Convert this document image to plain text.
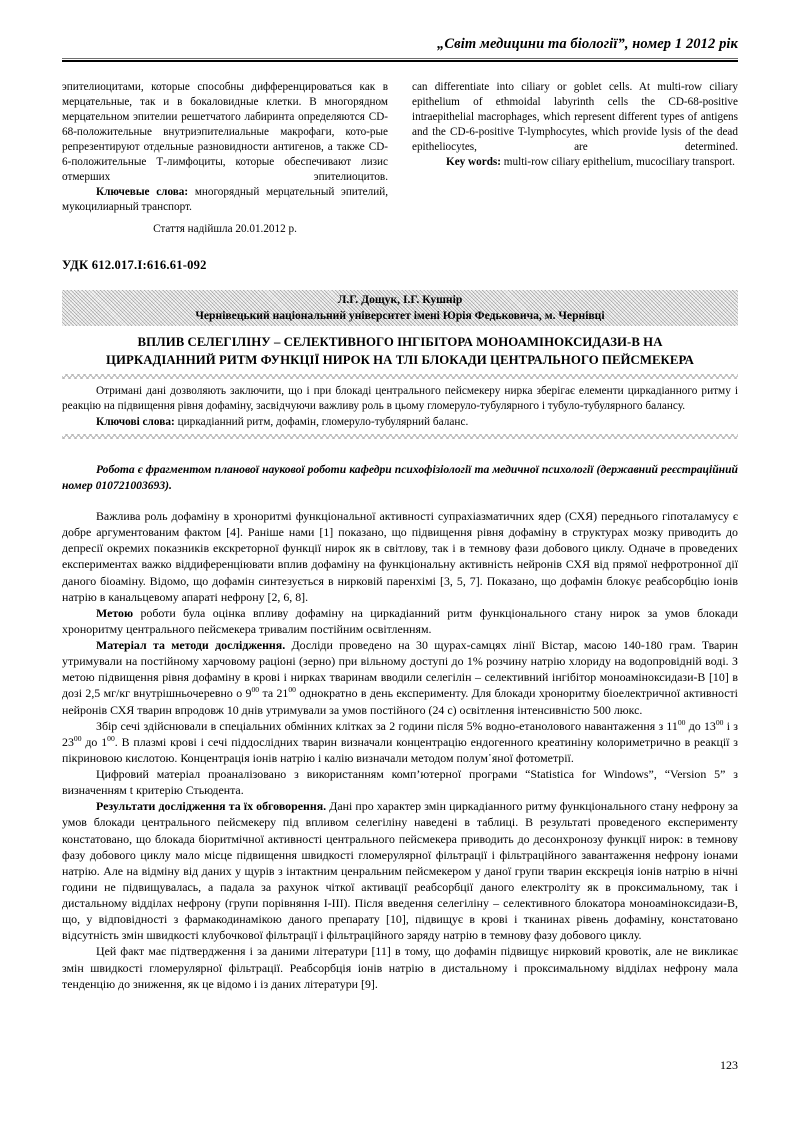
„Світ медицини та біології”, номер 1 2012 рік

эпителиоцитами, которые способны дифференцироваться как в мерцательные, так и в бокаловидные клетки. В многорядном мерцательном эпителии решетчатого лабиринта определяются CD-68-положительные внутриэпителиальные макрофаги, кото-рые репрезентируют отдельные разновидности антигенов, а также CD-6-положительные Т-лимфоциты, которые обеспечивают лизис отмерших эпителиоцитов.

Ключевые слова: многорядный мерцательный эпителий, мукоцилиарный транспорт.

Стаття надійшла 20.01.2012 р.

can differentiate into ciliary or goblet cells. At multi-row ciliary epithelium of ethmoidal labyrinth cells the CD-68-positive intraepithelial macrophages, which represent different types of antigens and the CD-6-positive T-lymphocytes, which provide lysis of the dead epitheliocytes, are determined.

Key words: multi-row ciliary epithelium, mucociliary transport.

УДК 612.017.I:616.61-092
Л.Г. Дощук, І.Г. Кушнір
Чернівецький національний університет імені Юрія Федьковича, м. Чернівці
ВПЛИВ СЕЛЕГІЛІНУ – СЕЛЕКТИВНОГО ІНГІБІТОРА МОНОАМІНОКСИДАЗИ-В НА
ЦИРКАДІАННИЙ РИТМ ФУНКЦІЇ НИРОК НА ТЛІ БЛОКАДИ ЦЕНТРАЛЬНОГО ПЕЙСМЕКЕРА

Отримані дані дозволяють заключити, що і при блокаді центрального пейсмекеру нирка зберігає елементи циркадіанного ритму і реакцію на підвищення рівня дофаміну, засвідчуючи важливу роль в цьому гломеруло-тубулярного і тубуло-тубулярного балансу.

Ключові слова: циркадіанний ритм, дофамін, гломеруло-тубулярний баланс.

Робота є фрагментом планової наукової роботи кафедри психофізіології та медичної психології (державний реєстраційний номер 010721003693).

Важлива роль дофаміну в хроноритмі функціональної активності супрахіазматичних ядер (СХЯ) переднього гіпоталамусу є добре аргументованим фактом [4]. Раніше нами [1] показано, що підвищення рівня дофаміну в структурах мозку приводить до депресії окремих показників екскреторної функції нирок як в світлову, так і в темнову фази добового циклу. Одначе в проведених експериментах важко віддиференціювати вплив дофаміну на функціональну активність нейронів СХЯ від прямої нефротронної дії даного біоаміну. Відомо, що дофамін синтезується в нирковій паренхімі [3, 5, 7]. Показано, що дофамін блокує реабсорбцію іонів натрію в канальцевому апараті нефрону [2, 6, 8].

Метою роботи була оцінка впливу дофаміну на циркадіанний ритм функціонального стану нирок за умов блокади хроноритму центрального пейсмекера тривалим постійним освітленням.

Матеріал та методи дослідження. Досліди проведено на 30 щурах-самцях лінії Вістар, масою 140-180 грам. Тварин утримували на постійному харчовому раціоні (зерно) при вільному доступі до 1% розчину натрію хлориду на водопровідній воді. З метою підвищення рівня дофаміну в крові і нирках тваринам вводили селегілін – селективний інгібітор моноаміноксидази-В [10] в дозі 2,5 мг/кг внутрішньочеревно о $9^{00}$ та $21^{00}$ однократно в день експерименту. Для блокади хроноритму біоелектричної активності нейронів СХЯ тварин впродовж 10 днів утримували за умов постійного (24 с) освітлення інтенсивністю 500 люкс.

Збір сечі здійснювали в спеціальних обмінних клітках за 2 години після 5% водно-етанолового навантаження з $11^{00}$ до $13^{00}$ і з $23^{00}$ до $1^{00}$. В плазмі крові і сечі піддослідних тварин визначали концентрацію ендогенного креатиніну колориметрично в реакції з пікриновою кислотою. Концентрація іонів натрію і калію визначали методом полум᾽яної фотометрії.

Цифровий матеріал проаналізовано з використанням комп’ютерної програми “Statistica for Windows”, “Version 5” з визначенням t критерію Стьюдента.

Результати дослідження та їх обговорення. Дані про характер змін циркадіанного ритму функціонального стану нефрону за умов блокади центрального пейсмекеру під впливом селегіліну наведені в таблиці. В результаті проведеного експерименту констатовано, що блокада біоритмічної активності центрального пейсмекера приводить до десонхронозу функції нирок: в темнову фазу добового циклу мало місце підвищення швидкості гломерулярної фільтрації і фільтраційного завантаження нефрону іонами натрію. Але на відміну від даних у щурів з інтактним ценральним пейсмекером у даної групи тварин екскреція іонів натрію в нічні години не підвищувалась, а падала за рахунок чіткої активації реабсорбції даного електроліту як в проксимальному, так і дистальному відділах нефрону (групи порівняння I-III). Після введення селегіліну – селективного блокатора моноаміноксидази-В, що, у відповідності з фармакодинамікою даного препарату [10], підвищує в крові і тканинах рівень дофаміну, констатовано відсутність змін швидкості клубочкової фільтрації і фільтраційного заряду натрію в темнову фазу добового циклу.

Цей факт має підтвердження і за даними літератури [11] в тому, що дофамін підвищує нирковий кровотік, але не викликає змін швидкості гломерулярної фільтрації. Реабсорбція іонів натрію в дистальному і проксимальному відділах нефрону мала тенденцію до зниження, як це відомо і із даних літератури [9].

123
